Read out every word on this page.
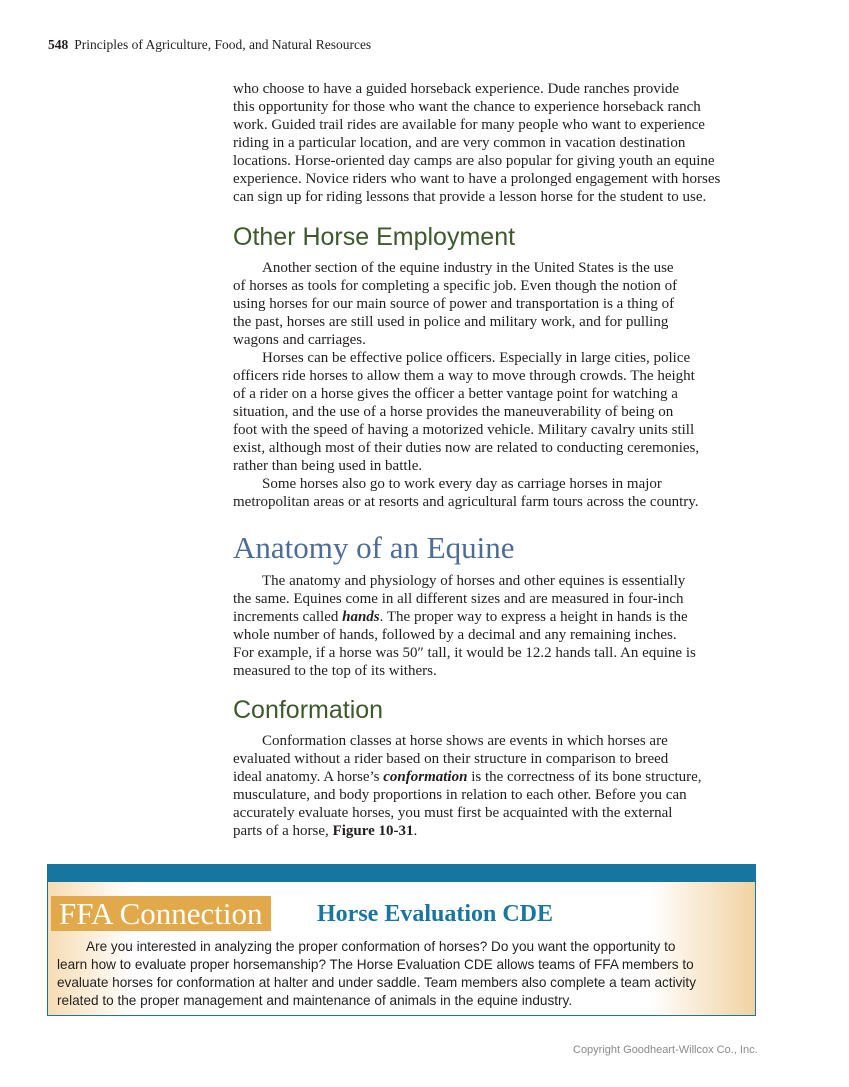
548 Principles of Agriculture, Food, and Natural Resources
who choose to have a guided horseback experience. Dude ranches provide
this opportunity for those who want the chance to experience horseback ranch
work. Guided trail rides are available for many people who want to experience
riding in a particular location, and are very common in vacation destination
locations. Horse-oriented day camps are also popular for giving youth an equine
experience. Novice riders who want to have a prolonged engagement with horses
can sign up for riding lessons that provide a lesson horse for the student to use.
Other Horse Employment
Another section of the equine industry in the United States is the use
of horses as tools for completing a specific job. Even though the notion of
using horses for our main source of power and transportation is a thing of
the past, horses are still used in police and military work, and for pulling
wagons and carriages.
Horses can be effective police officers. Especially in large cities, police
officers ride horses to allow them a way to move through crowds. The height
of a rider on a horse gives the officer a better vantage point for watching a
situation, and the use of a horse provides the maneuverability of being on
foot with the speed of having a motorized vehicle. Military cavalry units still
exist, although most of their duties now are related to conducting ceremonies,
rather than being used in battle.
Some horses also go to work every day as carriage horses in major
metropolitan areas or at resorts and agricultural farm tours across the country.
Anatomy of an Equine
The anatomy and physiology of horses and other equines is essentially
the same. Equines come in all different sizes and are measured in four-inch
increments called hands. The proper way to express a height in hands is the
whole number of hands, followed by a decimal and any remaining inches.
For example, if a horse was 50″ tall, it would be 12.2 hands tall. An equine is
measured to the top of its withers.
Conformation
Conformation classes at horse shows are events in which horses are
evaluated without a rider based on their structure in comparison to breed
ideal anatomy. A horse’s conformation is the correctness of its bone structure,
musculature, and body proportions in relation to each other. Before you can
accurately evaluate horses, you must first be acquainted with the external
parts of a horse, Figure 10-31.
FFA Connection	Horse Evaluation CDE
Are you interested in analyzing the proper conformation of horses? Do you want the opportunity to
learn how to evaluate proper horsemanship? The Horse Evaluation CDE allows teams of FFA members to
evaluate horses for conformation at halter and under saddle. Team members also complete a team activity
related to the proper management and maintenance of animals in the equine industry.
Copyright Goodheart-Willcox Co., Inc.
